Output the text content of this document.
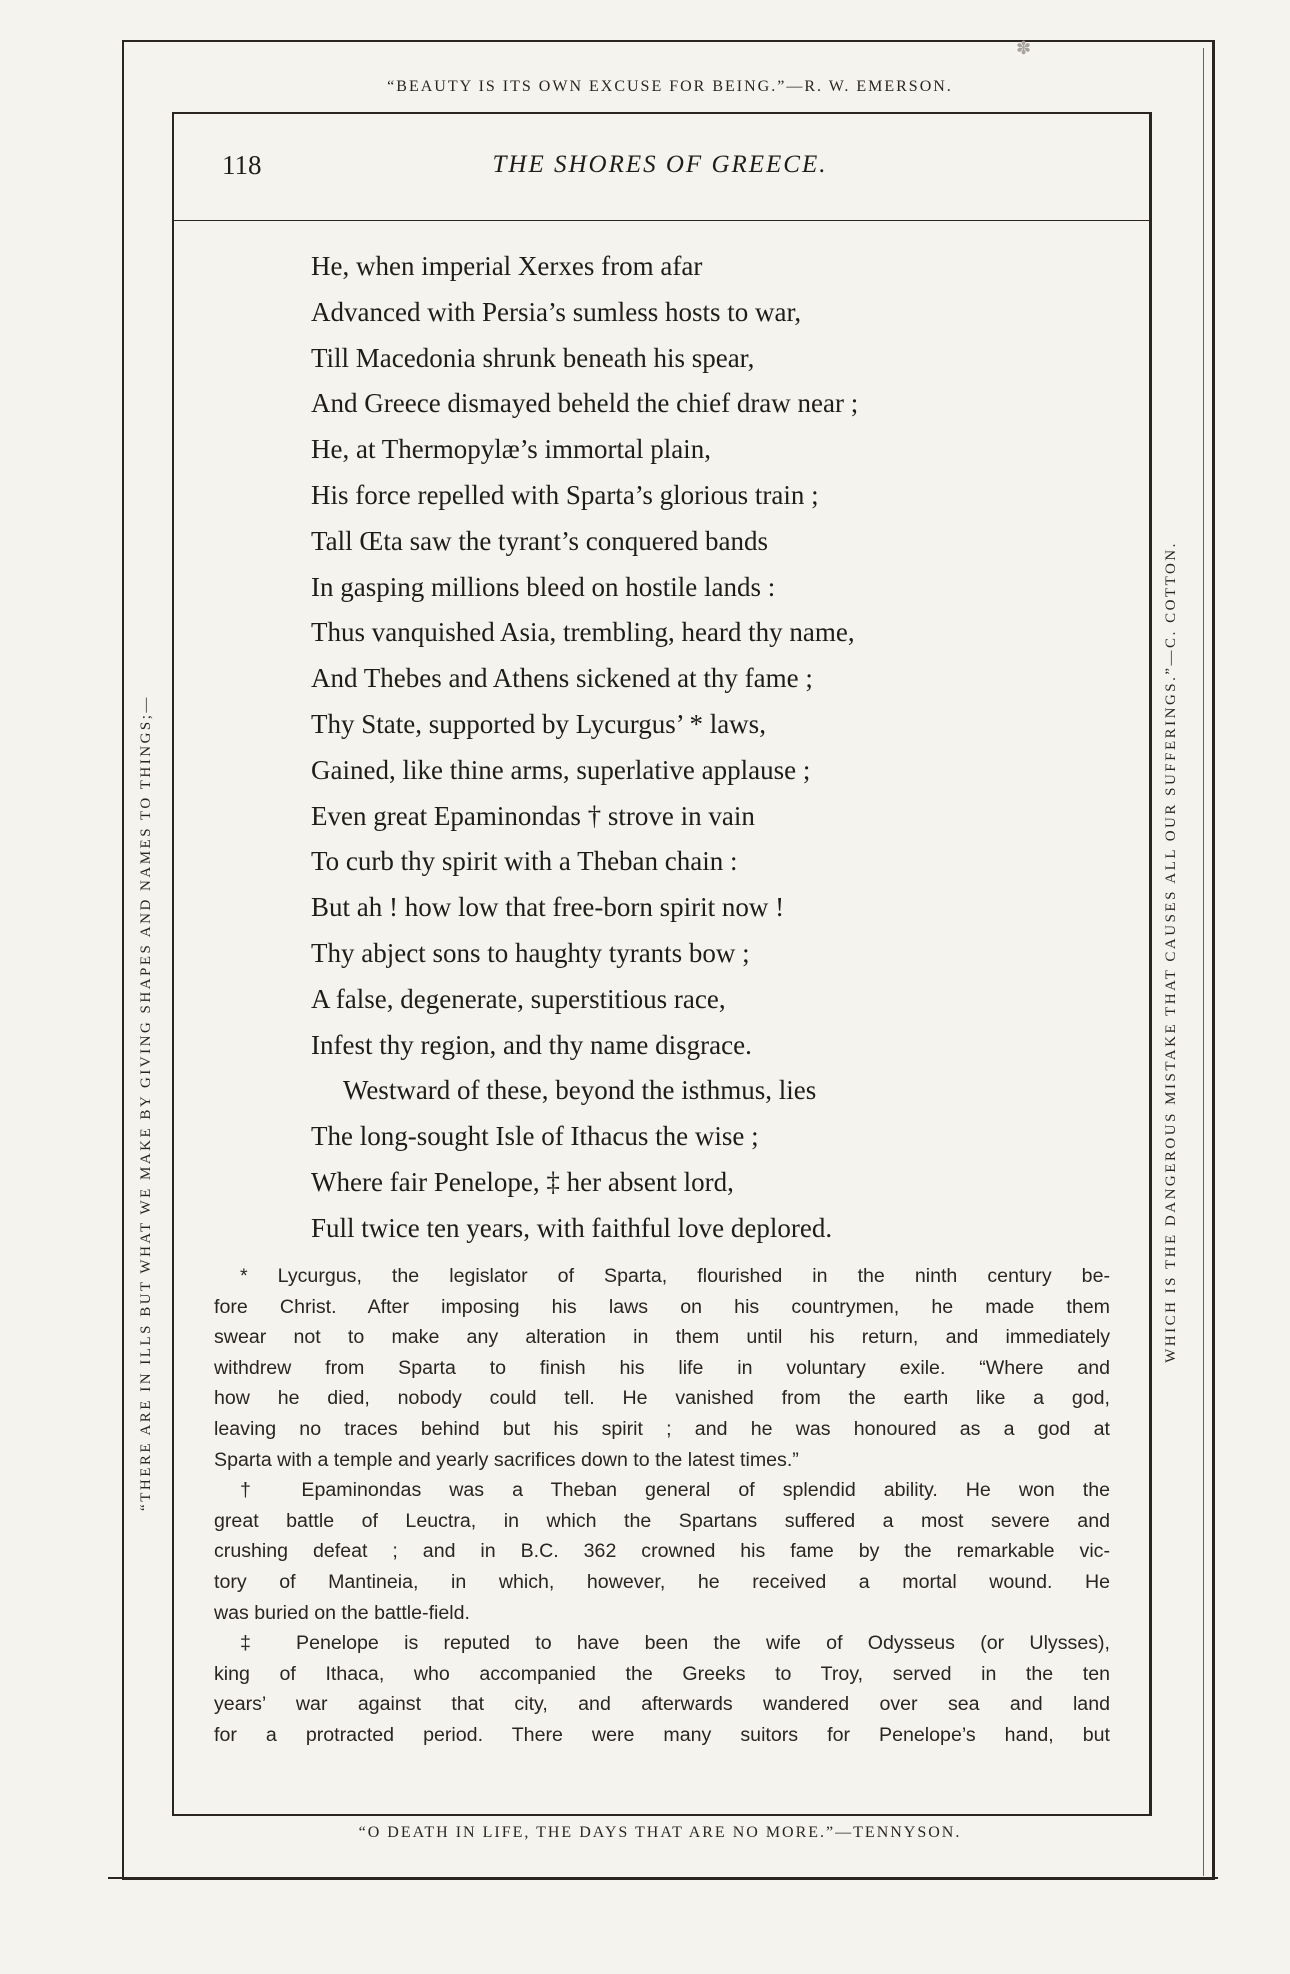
✽
“BEAUTY IS ITS OWN EXCUSE FOR BEING.”—R. W. EMERSON.
“THERE ARE IN ILLS BUT WHAT WE MAKE BY GIVING SHAPES AND NAMES TO THINGS;—	WHICH IS THE DANGEROUS MISTAKE THAT CAUSES ALL OUR SUFFERINGS.”—C. COTTON.
“O DEATH IN LIFE, THE DAYS THAT ARE NO MORE.”—TENNYSON.
118	THE SHORES OF GREECE.
He, when imperial Xerxes from afar
Advanced with Persia’s sumless hosts to war,
Till Macedonia shrunk beneath his spear,
And Greece dismayed beheld the chief draw near ;
He, at Thermopylæ’s immortal plain,
His force repelled with Sparta’s glorious train ;
Tall Œta saw the tyrant’s conquered bands
In gasping millions bleed on hostile lands :
Thus vanquished Asia, trembling, heard thy name,
And Thebes and Athens sickened at thy fame ;
Thy State, supported by Lycurgus’ * laws,
Gained, like thine arms, superlative applause ;
Even great Epaminondas † strove in vain
To curb thy spirit with a Theban chain :
But ah ! how low that free-born spirit now !
Thy abject sons to haughty tyrants bow ;
A false, degenerate, superstitious race,
Infest thy region, and thy name disgrace.
Westward of these, beyond the isthmus, lies
The long-sought Isle of Ithacus the wise ;
Where fair Penelope, ‡ her absent lord,
Full twice ten years, with faithful love deplored.
* Lycurgus, the legislator of Sparta, flourished in the ninth century be-
fore Christ. After imposing his laws on his countrymen, he made them
swear not to make any alteration in them until his return, and immediately
withdrew from Sparta to finish his life in voluntary exile. “Where and
how he died, nobody could tell. He vanished from the earth like a god,
leaving no traces behind but his spirit ; and he was honoured as a god at
Sparta with a temple and yearly sacrifices down to the latest times.”
† Epaminondas was a Theban general of splendid ability. He won the
great battle of Leuctra, in which the Spartans suffered a most severe and
crushing defeat ; and in B.C. 362 crowned his fame by the remarkable vic-
tory of Mantineia, in which, however, he received a mortal wound. He
was buried on the battle-field.
‡ Penelope is reputed to have been the wife of Odysseus (or Ulysses),
king of Ithaca, who accompanied the Greeks to Troy, served in the ten
years’ war against that city, and afterwards wandered over sea and land
for a protracted period. There were many suitors for Penelope’s hand, but
